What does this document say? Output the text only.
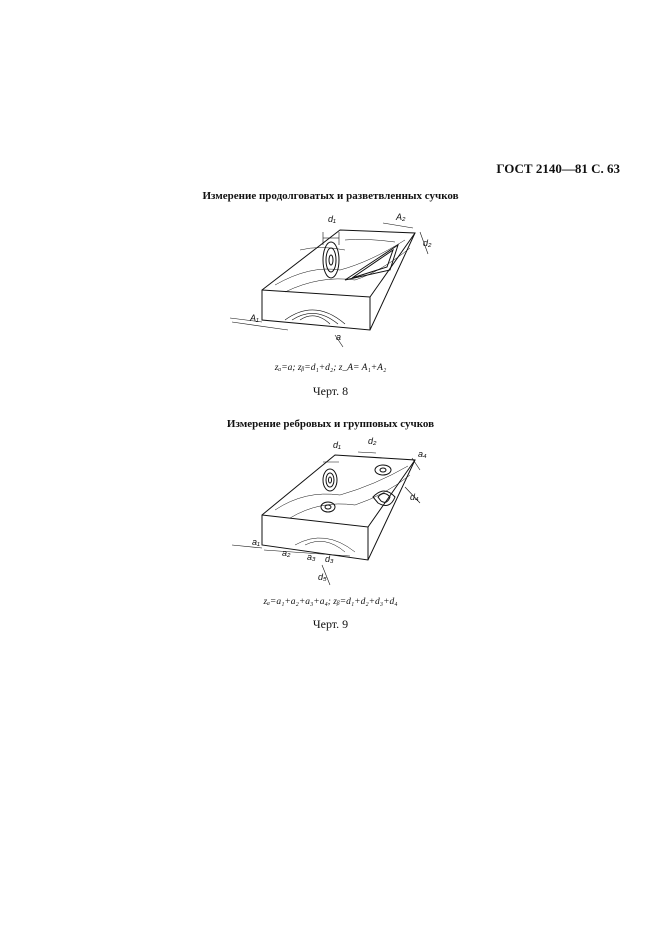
ГОСТ 2140—81 С. 63
Измерение продолговатых и разветвленных сучков
d₁	A₂
d₂
A₁
a
zₐ=a; zᵦ=d₁+d₂; z_A= A₁+A₂
Черт. 8
Измерение ребровых и групповых сучков
d₁	d₂
a₄
d₄
a₁
a₂ a₃ d₃
d₅
zₐ=a₁+a₂+a₃+a₄; zᵦ=d₁+d₂+d₃+d₄
Черт. 9
